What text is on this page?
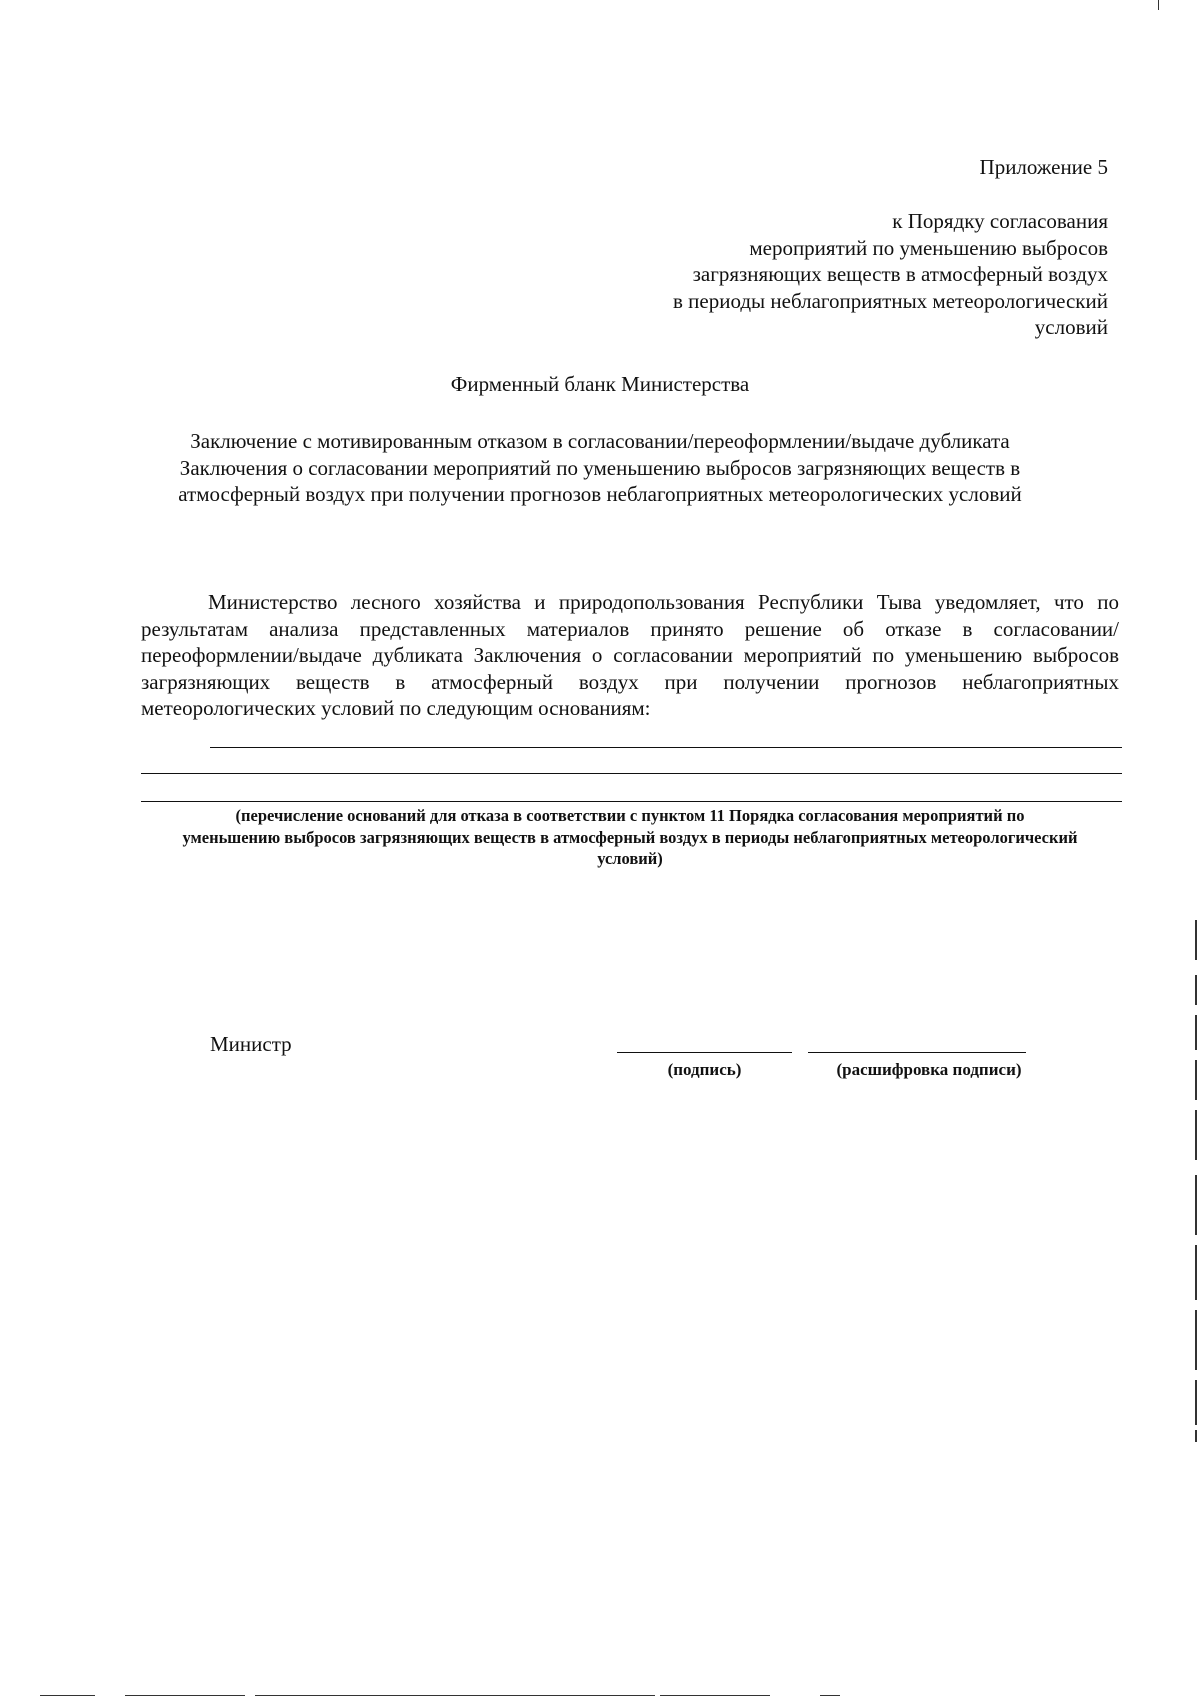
Приложение 5
к Порядку согласования
мероприятий по уменьшению выбросов
загрязняющих веществ в атмосферный воздух
в периоды неблагоприятных метеорологический
условий
Фирменный бланк Министерства
Заключение с мотивированным отказом в согласовании/переоформлении/выдаче дубликата
Заключения о согласовании мероприятий по уменьшению выбросов загрязняющих веществ в
атмосферный воздух при получении прогнозов неблагоприятных метеорологических условий

Министерство лесного хозяйства и природопользования Республики Тыва уведомляет, что по результатам анализа представленных материалов принято решение об отказе в согласовании/переоформлении/выдаче дубликата Заключения о согласовании мероприятий по уменьшению выбросов загрязняющих веществ в атмосферный воздух при получении прогнозов неблагоприятных метеорологических условий по следующим основаниям:

(перечисление оснований для отказа в соответствии с пунктом 11 Порядка согласования мероприятий по
уменьшению выбросов загрязняющих веществ в атмосферный воздух в периоды неблагоприятных метеорологический
условий)
Министр
(подпись)	(расшифровка подписи)
